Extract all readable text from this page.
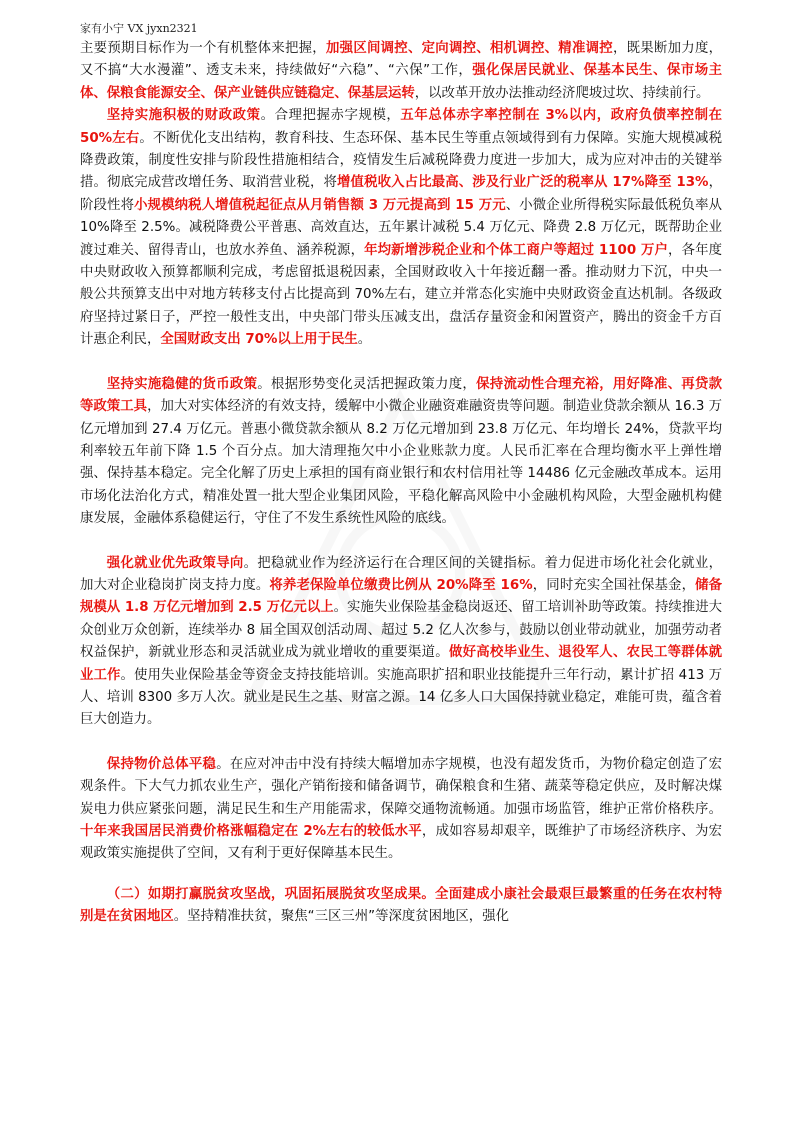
家有小宁 VX jyxn2321

主要预期目标作为一个有机整体来把握，加强区间调控、定向调控、相机调控、精准调控，既果断加力度，又不搞“大水漫灌”、透支未来，持续做好“六稳”、“六保”工作，强化保居民就业、保基本民生、保市场主体、保粮食能源安全、保产业链供应链稳定、保基层运转，以改革开放办法推动经济爬坡过坎、持续前行。

坚持实施积极的财政政策。合理把握赤字规模，五年总体赤字率控制在 3%以内，政府负债率控制在 50%左右。不断优化支出结构，教育科技、生态环保、基本民生等重点领域得到有力保障。实施大规模减税降费政策，制度性安排与阶段性措施相结合，疫情发生后减税降费力度进一步加大，成为应对冲击的关键举措。彻底完成营改增任务、取消营业税，将增值税收入占比最高、涉及行业广泛的税率从 17%降至 13%，阶段性将小规模纳税人增值税起征点从月销售额 3 万元提高到 15 万元、小微企业所得税实际最低税负率从 10%降至 2.5%。减税降费公平普惠、高效直达，五年累计减税 5.4 万亿元、降费 2.8 万亿元，既帮助企业渡过难关、留得青山，也放水养鱼、涵养税源，年均新增涉税企业和个体工商户等超过 1100 万户，各年度中央财政收入预算都顺利完成，考虑留抵退税因素，全国财政收入十年接近翻一番。推动财力下沉，中央一般公共预算支出中对地方转移支付占比提高到 70%左右，建立并常态化实施中央财政资金直达机制。各级政府坚持过紧日子，严控一般性支出，中央部门带头压减支出，盘活存量资金和闲置资产，腾出的资金千方百计惠企利民，全国财政支出 70%以上用于民生。

坚持实施稳健的货币政策。根据形势变化灵活把握政策力度，保持流动性合理充裕，用好降准、再贷款等政策工具，加大对实体经济的有效支持，缓解中小微企业融资难融资贵等问题。制造业贷款余额从 16.3 万亿元增加到 27.4 万亿元。普惠小微贷款余额从 8.2 万亿元增加到 23.8 万亿元、年均增长 24%，贷款平均利率较五年前下降 1.5 个百分点。加大清理拖欠中小企业账款力度。人民币汇率在合理均衡水平上弹性增强、保持基本稳定。完全化解了历史上承担的国有商业银行和农村信用社等 14486 亿元金融改革成本。运用市场化法治化方式，精准处置一批大型企业集团风险，平稳化解高风险中小金融机构风险，大型金融机构健康发展，金融体系稳健运行，守住了不发生系统性风险的底线。

强化就业优先政策导向。把稳就业作为经济运行在合理区间的关键指标。着力促进市场化社会化就业，加大对企业稳岗扩岗支持力度。将养老保险单位缴费比例从 20%降至 16%，同时充实全国社保基金，储备规模从 1.8 万亿元增加到 2.5 万亿元以上。实施失业保险基金稳岗返还、留工培训补助等政策。持续推进大众创业万众创新，连续举办 8 届全国双创活动周、超过 5.2 亿人次参与，鼓励以创业带动就业，加强劳动者权益保护，新就业形态和灵活就业成为就业增收的重要渠道。做好高校毕业生、退役军人、农民工等群体就业工作。使用失业保险基金等资金支持技能培训。实施高职扩招和职业技能提升三年行动，累计扩招 413 万人、培训 8300 多万人次。就业是民生之基、财富之源。14 亿多人口大国保持就业稳定，难能可贵，蕴含着巨大创造力。

保持物价总体平稳。在应对冲击中没有持续大幅增加赤字规模，也没有超发货币，为物价稳定创造了宏观条件。下大气力抓农业生产，强化产销衔接和储备调节，确保粮食和生猪、蔬菜等稳定供应，及时解决煤炭电力供应紧张问题，满足民生和生产用能需求，保障交通物流畅通。加强市场监管，维护正常价格秩序。十年来我国居民消费价格涨幅稳定在 2%左右的较低水平，成如容易却艰辛，既维护了市场经济秩序、为宏观政策实施提供了空间，又有利于更好保障基本民生。

（二）如期打赢脱贫攻坚战，巩固拓展脱贫攻坚成果。全面建成小康社会最艰巨最繁重的任务在农村特别是在贫困地区。坚持精准扶贫，聚焦“三区三州”等深度贫困地区，强化
